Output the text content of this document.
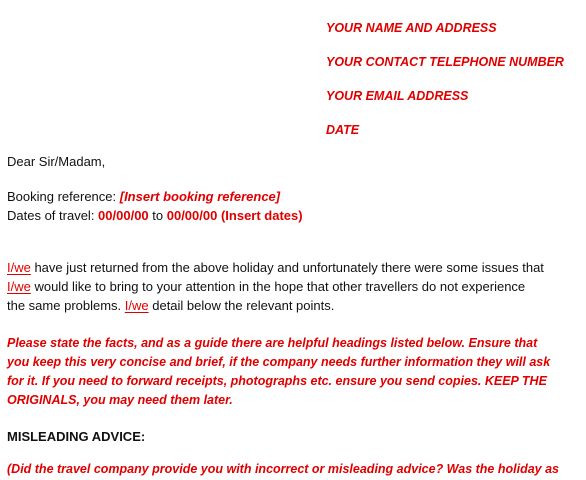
YOUR NAME AND ADDRESS
YOUR CONTACT TELEPHONE NUMBER
YOUR EMAIL ADDRESS
DATE
Dear Sir/Madam,
Booking reference: [Insert booking reference]
Dates of travel: 00/00/00 to 00/00/00 (Insert dates)
I/we have just returned from the above holiday and unfortunately there were some issues that
I/we would like to bring to your attention in the hope that other travellers do not experience
the same problems. I/we detail below the relevant points.
Please state the facts, and as a guide there are helpful headings listed below. Ensure that
you keep this very concise and brief, if the company needs further information they will ask
for it. If you need to forward receipts, photographs etc. ensure you send copies. KEEP THE
ORIGINALS, you may need them later.
MISLEADING ADVICE:
(Did the travel company provide you with incorrect or misleading advice? Was the holiday as
